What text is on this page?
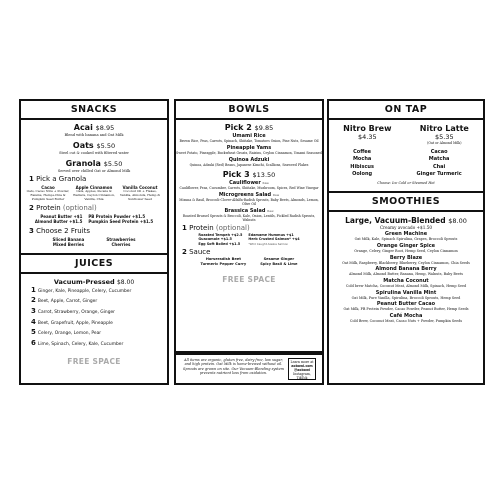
SNACKS
Acai $8.95
Blend with banana and Oat Milk
Oats $5.50
Steel cut & cooked with filtered water
Granola $5.50
Served over chilled Oat or Almond Milk
1 Pick a Granola
Cacao
Oats, Cacao Nibs + Powder, Raisins, Hemp+Chia & Pumpkin Seed Butter
Apple Cinnamon
Oats, Apples, Pecans & Walnuts, Ceylon Cinnamon, Vanilla, Chia
Vanilla Coconut
Coconut Oil + Flakes, Vanilla, Almonds, Hemp & Sunflower Seed
2 Protein (optional)
Peanut Butter +$1
Almond Butter +$1.5
PB Protein Powder +$1.5
Pumpkin Seed Protein +$1.5
3 Choose 2 Fruits
Sliced Banana
Mixed Berries
Strawberries
Cherries
JUICES
Vacuum-Pressed $8.00
1 Ginger, Kale, Pineapple, Celery, Cucumber
2 Beet, Apple, Carrot, Ginger
3 Carrot, Strawberry, Orange, Ginger
4 Beet, Grapefruit, Apple, Pineapple
5 Celery, Orange, Lemon, Pear
6 Lime, Spinach, Celery, Kale, Cucumber
FREE SPACE
BOWLS
Pick 2 $9.85
Umami Rice
Brown Rice, Peas, Carrots, Spinach, Shiitake, Tomatoes Onion, Pine Nuts, Sesame Oil
Pineapple Yams
Sweet Potato, Pineapple, Buckwheat Groats, Raisins, Ceylon Cinnamon, Umami Seasoned
Quinoa Adzuki
Quinoa, Adzuki (Red) Beans, Japanese Kimchi, Scallions, Seaweed Flakes
Pick 3 $13.50
Cauliflower Raw
Cauliflower, Peas, Cucumber, Carrots, Shiitake, Mushroom, Spices, Red Wine Vinegar
Microgreens Salad Raw
Mizuna & Basil, Broccoli-Clover-Alfalfa-Radish Sprouts, Baby Beets, Almonds, Lemon, Olive Oil
Brassica Salad Raw
Roasted Brussel Sprouts & Broccoli, Kale, Onion, Lentils, Pickled Radish Sprouts, Walnuts
1 Protein (optional)
Roasted Tempeh +$2.5
Guacamole +$1.5
Egg Soft Boiled +$1.5
Edamame Hummus +$1
Herb Crusted Salmon* +$4
*Wild Caught Alaska Salmon
2 Sauce
Horseradish Beet
Turmeric Pepper Curry
Sesame Ginger
Spicy Basil & Lime
FREE SPACE
All items are organic, gluten free, dairy free, low sugar, and high protein. Oat Milk is home-brewed without oil. Sprouts are grown on site. Our Vacuum-Blending system prevents nutrient loss from oxidation.
Learn more at
aobowl.com
@aobowl
Instagram, TikTok
ON TAP
Nitro Brew
$4.35
Nitro Latte
$5.35
(Oat or Almond Milk)
Coffee
Mocha
Hibiscus
Oolong
Cacao
Matcha
Chai
Ginger Turmeric
Choose: Ice Cold or Steamed Hot
SMOOTHIES
Large, Vacuum-Blended $8.00
Creamy avocado +$1.50
Green Machine
Oat Milk, Kale, Spinach Spirulina, Grapes, Broccoli Sprouts
Orange Ginger Spice
Orange, Celery, Ginger Root, Hemp Seed, Ceylon Cinnamon
Berry Blaze
Oat Milk, Raspberry, Blackberry, Blueberry, Ceylon Cinnamon, Chia Seeds
Almond Banana Berry
Almond Milk, Almond Butter, Banana, Hemp, Walnuts, Baby Beets
Matcha Coconut
Cold brew Matcha, Coconut Meat, Almond Milk, Spinach, Hemp Seed
Spirulina Vanilla Mint
Oat Milk, Pure Vanilla, Spirulina, Broccoli Sprouts, Hemp Seed
Peanut Butter Cacao
Oat Milk, PB Protein Powder, Cacao Powder, Peanut Butter, Hemp Seeds
Café Mocha
Cold Brew, Coconut Meat, Cacao Nuts + Powder, Pumpkin Seeds
